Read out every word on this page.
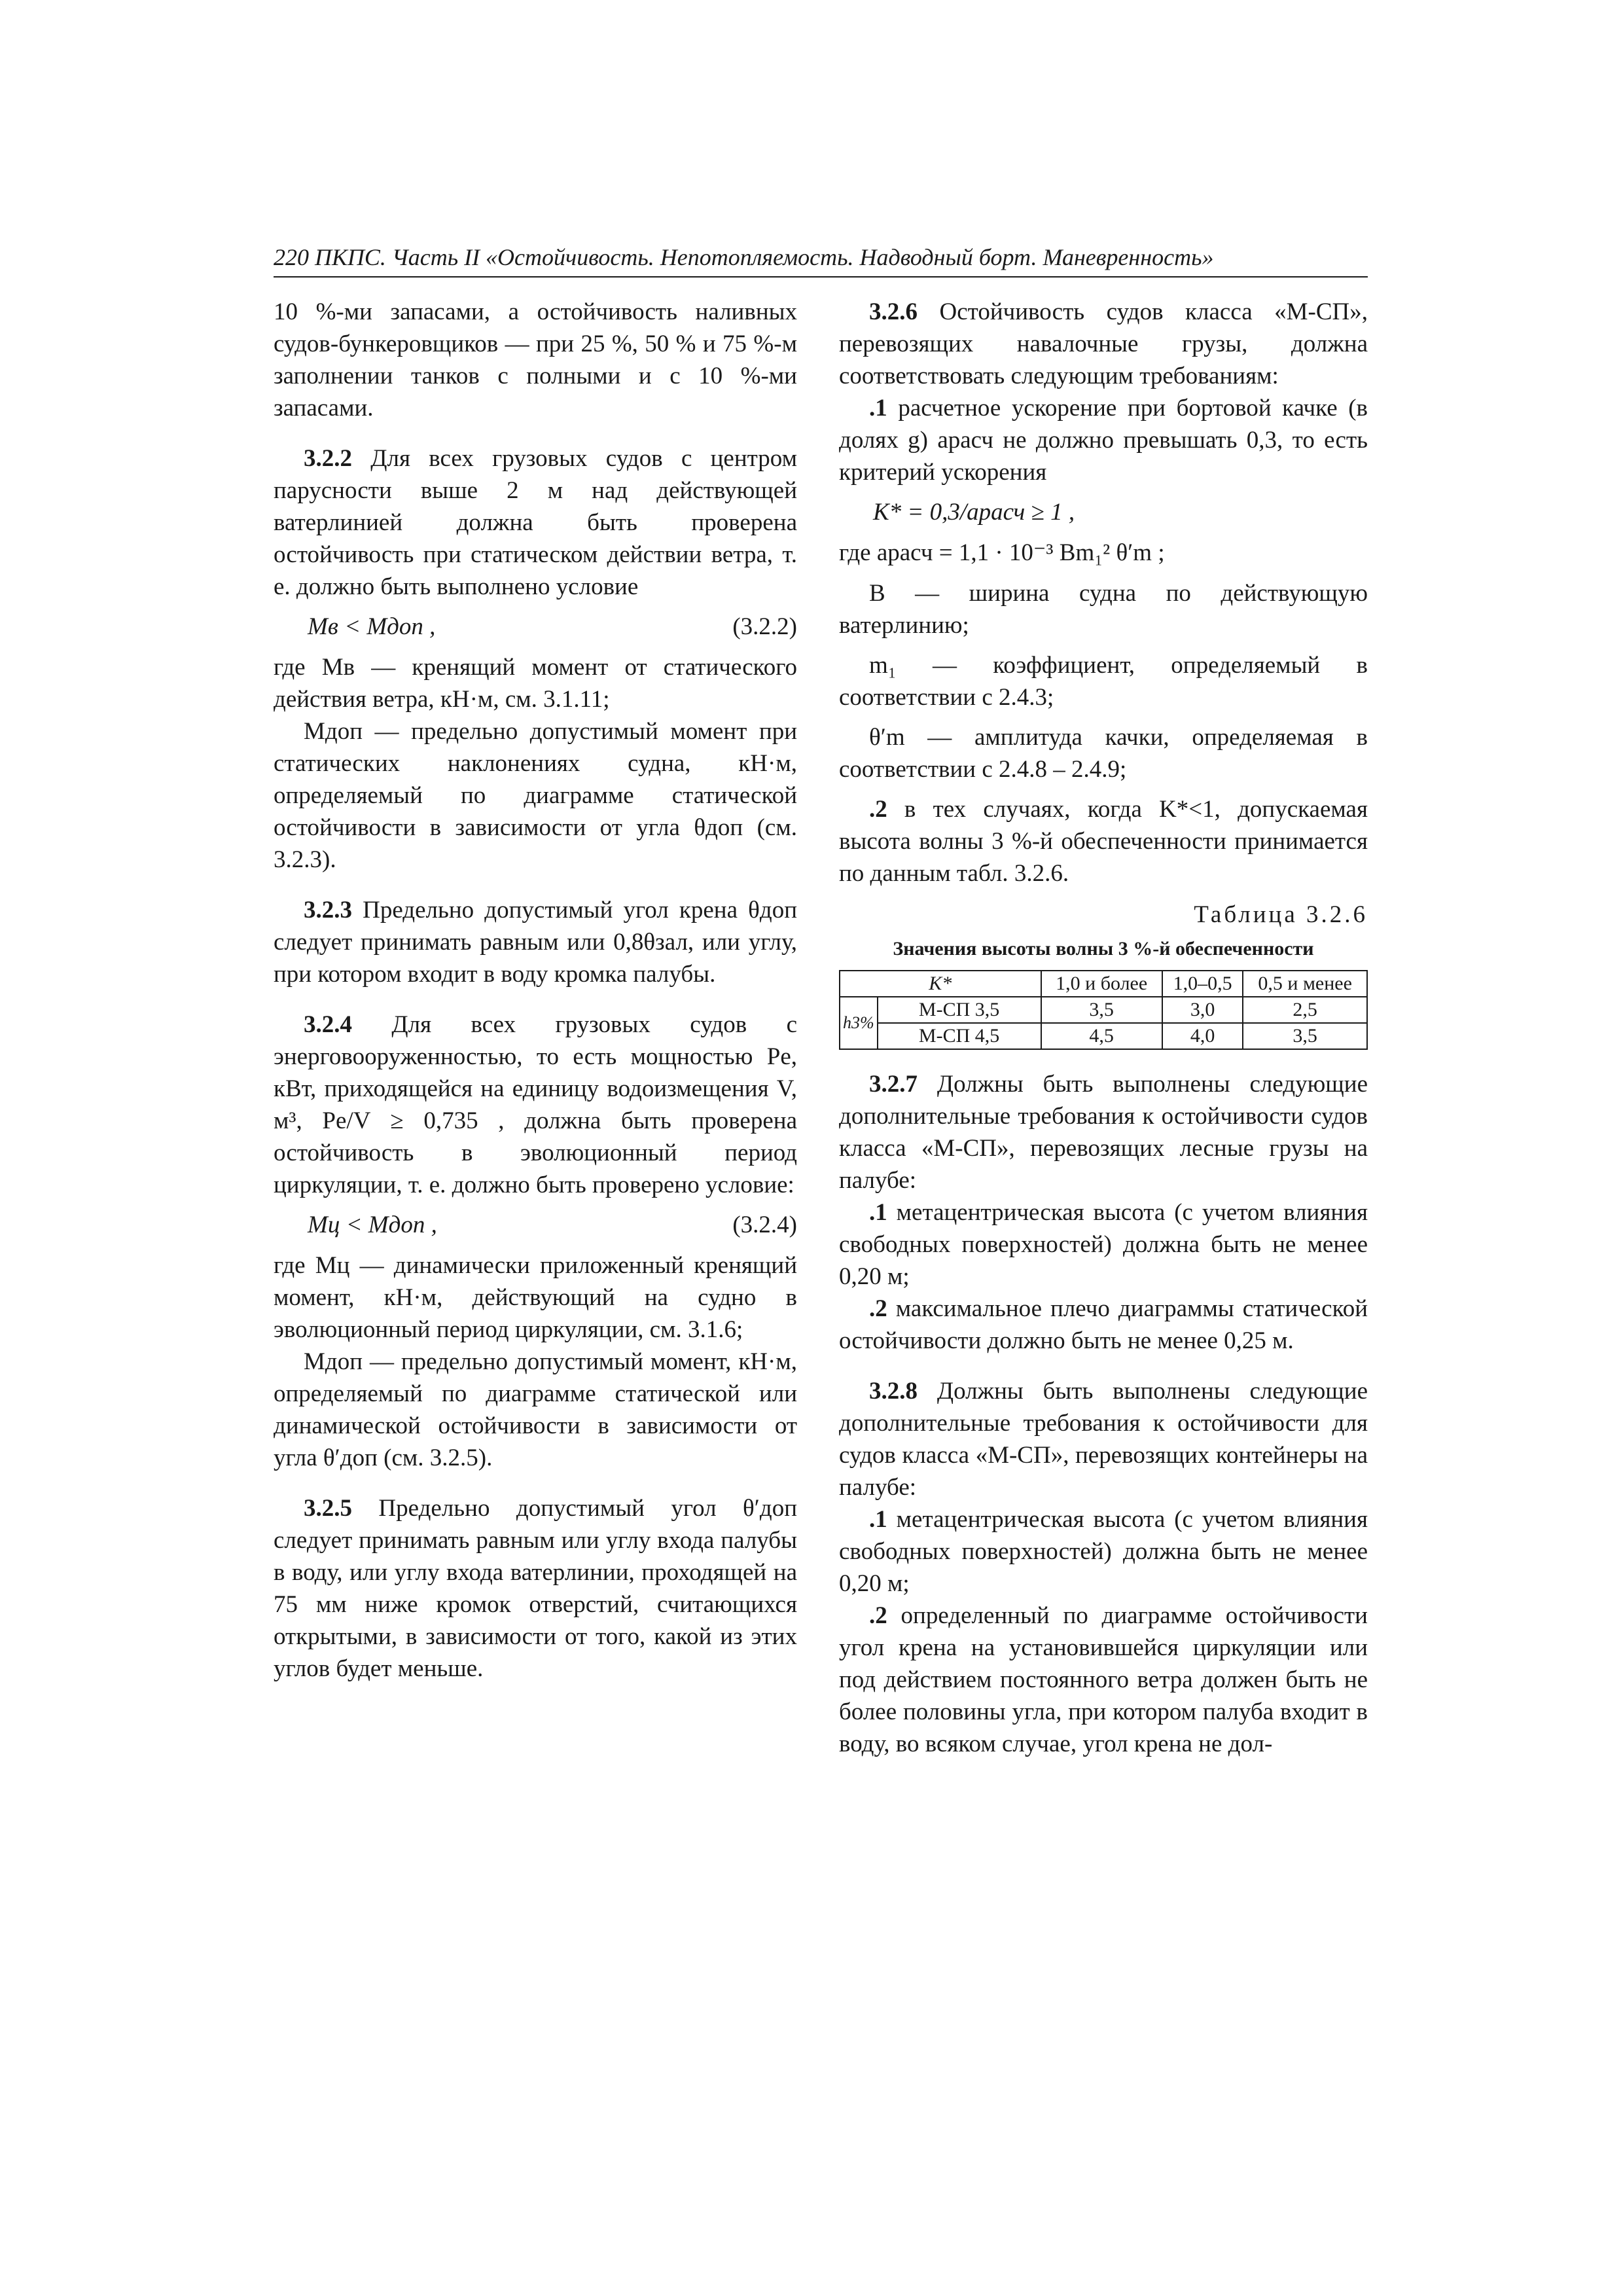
220 ПКПС. Часть II «Остойчивость. Непотопляемость. Надводный борт. Маневренность»

10 %-ми запасами, а остойчивость наливных судов-бункеровщиков — при 25 %, 50 % и 75 %-м заполнении танков с полными и с 10 %-ми запасами.

3.2.2 Для всех грузовых судов с центром парусности выше 2 м над действующей ватерлинией должна быть проверена остойчивость при статическом действии ветра, т. е. должно быть выполнено условие

Mв < Mдоп ,	(3.2.2)

где Mв — кренящий момент от статического действия ветра, кН·м, см. 3.1.11;

Mдоп — предельно допустимый момент при статических наклонениях судна, кН·м, определяемый по диаграмме статической остойчивости в зависимости от угла θдоп (см. 3.2.3).

3.2.3 Предельно допустимый угол крена θдоп следует принимать равным или 0,8θзал, или углу, при котором входит в воду кромка палубы.

3.2.4 Для всех грузовых судов с энерговооруженностью, то есть мощностью Pе, кВт, приходящейся на единицу водоизмещения V, м³, Pе/V ≥ 0,735 , должна быть проверена остойчивость в эволюционный период циркуляции, т. е. должно быть проверено условие:

Mц < Mдоп ,	(3.2.4)

где Mц — динамически приложенный кренящий момент, кН·м, действующий на судно в эволюционный период циркуляции, см. 3.1.6;

Mдоп — предельно допустимый момент, кН·м, определяемый по диаграмме статической или динамической остойчивости в зависимости от угла θ′доп (см. 3.2.5).

3.2.5 Предельно допустимый угол θ′доп следует принимать равным или углу входа палубы в воду, или углу входа ватерлинии, проходящей на 75 мм ниже кромок отверстий, считающихся открытыми, в зависимости от того, какой из этих углов будет меньше.

3.2.6 Остойчивость судов класса «М-СП», перевозящих навалочные грузы, должна соответствовать следующим требованиям:

.1 расчетное ускорение при бортовой качке (в долях g) aрасч не должно превышать 0,3, то есть критерий ускорения

K* = 0,3/aрасч ≥ 1 ,
где aрасч = 1,1 · 10⁻³ Bm₁² θ′m ;

B — ширина судна по действующую ватерлинию;

m₁ — коэффициент, определяемый в соответствии с 2.4.3;

θ′m — амплитуда качки, определяемая в соответствии с 2.4.8 – 2.4.9;

.2 в тех случаях, когда K*<1, допускаемая высота волны 3 %-й обеспеченности принимается по данным табл. 3.2.6.

Таблица 3.2.6
Значения высоты волны 3 %-й обеспеченности
K*		1,0 и более	1,0–0,5	0,5 и менее
h3%	М-СП 3,5	3,5	3,0	2,5
	М-СП 4,5	4,5	4,0	3,5

3.2.7 Должны быть выполнены следующие дополнительные требования к остойчивости судов класса «М-СП», перевозящих лесные грузы на палубе:

.1 метацентрическая высота (с учетом влияния свободных поверхностей) должна быть не менее 0,20 м;

.2 максимальное плечо диаграммы статической остойчивости должно быть не менее 0,25 м.

3.2.8 Должны быть выполнены следующие дополнительные требования к остойчивости для судов класса «М-СП», перевозящих контейнеры на палубе:

.1 метацентрическая высота (с учетом влияния свободных поверхностей) должна быть не менее 0,20 м;

.2 определенный по диаграмме остойчивости угол крена на установившейся циркуляции или под действием постоянного ветра должен быть не более половины угла, при котором палуба входит в воду, во всяком случае, угол крена не дол-
